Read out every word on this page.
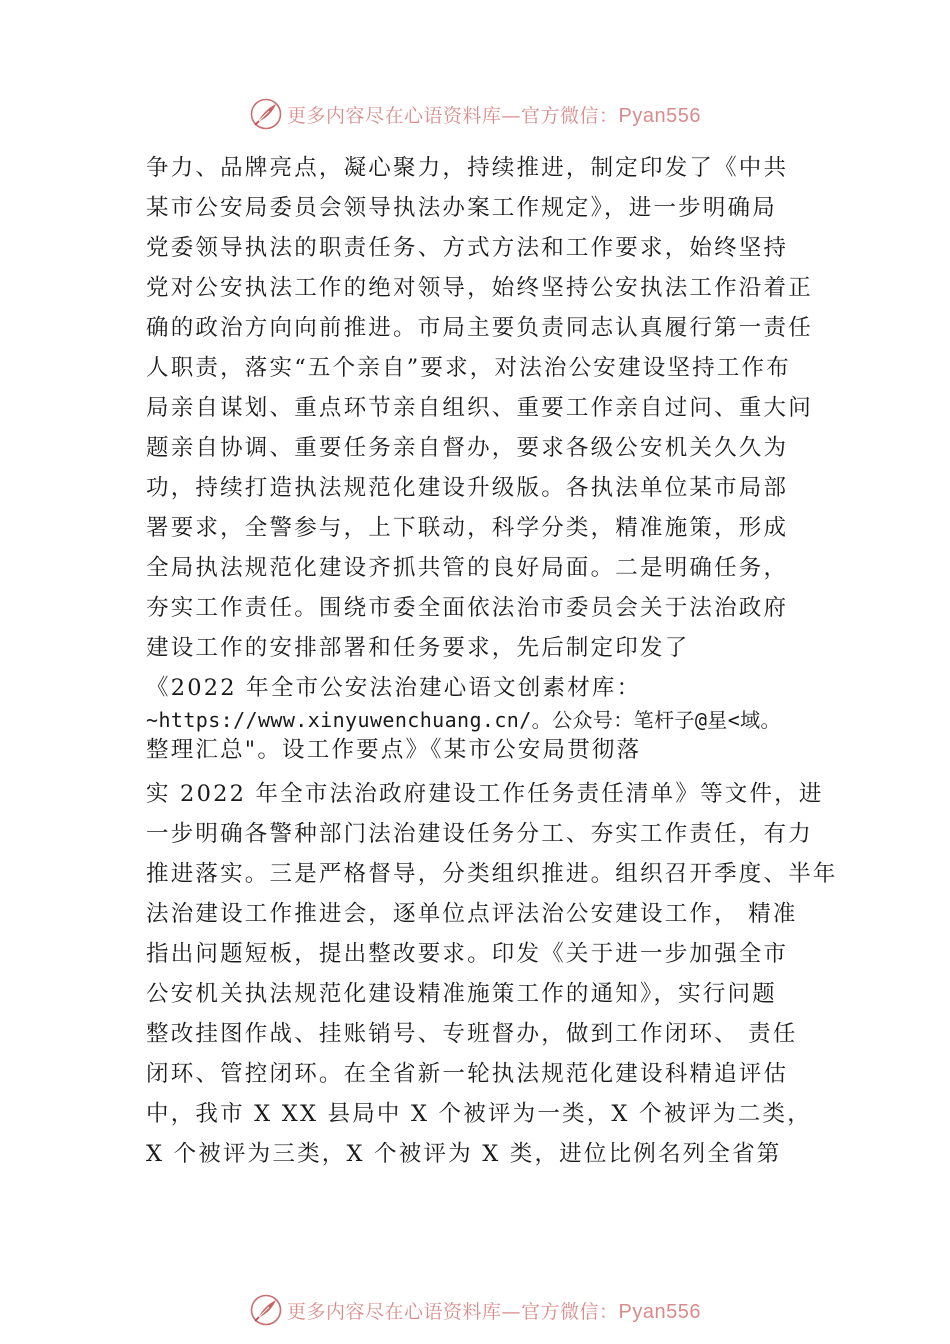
更多内容尽在心语资料库—官方微信：Pyan556
争力、品牌亮点，凝心聚力，持续推进，制定印发了《中共
某市公安局委员会领导执法办案工作规定》，进一步明确局
党委领导执法的职责任务、方式方法和工作要求，始终坚持
党对公安执法工作的绝对领导，始终坚持公安执法工作沿着正
确的政治方向向前推进。市局主要负责同志认真履行第一责任
人职责，落实“五个亲自”要求，对法治公安建设坚持工作布
局亲自谋划、重点环节亲自组织、重要工作亲自过问、重大问
题亲自协调、重要任务亲自督办，要求各级公安机关久久为
功，持续打造执法规范化建设升级版。各执法单位某市局部
署要求，全警参与，上下联动，科学分类，精准施策，形成
全局执法规范化建设齐抓共管的良好局面。二是明确任务，
夯实工作责任。围绕市委全面依法治市委员会关于法治政府
建设工作的安排部署和任务要求，先后制定印发了
《2022 年全市公安法治建心语文创素材库：
~https://www.xinyuwenchuang.cn/。公众号：笔杆子@星<域。
整理汇总"。设工作要点》《某市公安局贯彻落
实 2022 年全市法治政府建设工作任务责任清单》等文件，进
一步明确各警种部门法治建设任务分工、夯实工作责任，有力
推进落实。三是严格督导，分类组织推进。组织召开季度、半年
法治建设工作推进会，逐单位点评法治公安建设工作， 精准
指出问题短板，提出整改要求。印发《关于进一步加强全市
公安机关执法规范化建设精准施策工作的通知》，实行问题
整改挂图作战、挂账销号、专班督办，做到工作闭环、 责任
闭环、管控闭环。在全省新一轮执法规范化建设科精追评估
中，我市 X XX 县局中 X 个被评为一类，X 个被评为二类，
X 个被评为三类，X 个被评为 X 类，进位比例名列全省第
更多内容尽在心语资料库—官方微信：Pyan556
